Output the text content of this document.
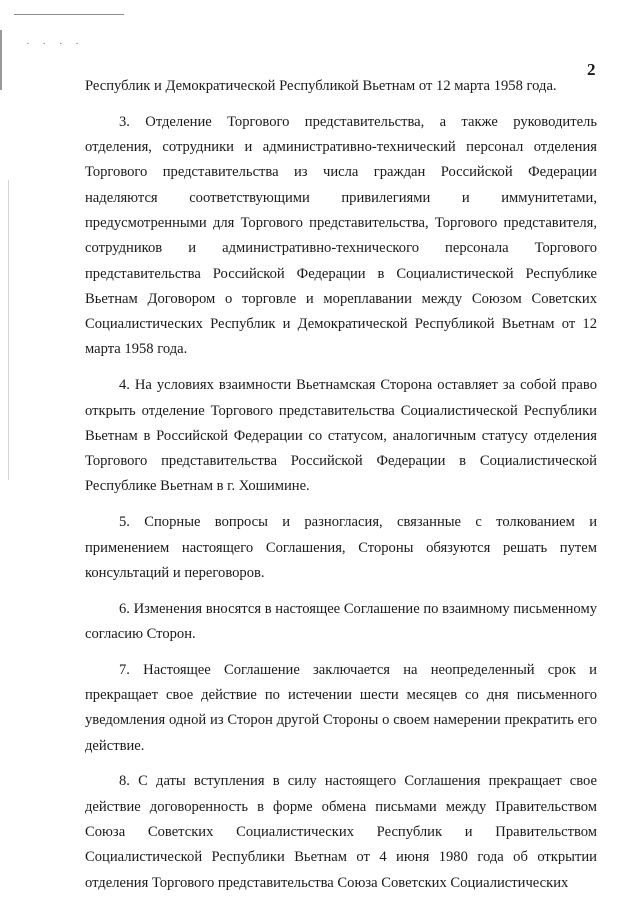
· · · ·
2

Республик и Демократической Республикой Вьетнам от 12 марта 1958 года.

3. Отделение Торгового представительства, а также руководитель отделения, сотрудники и административно-технический персонал отделения Торгового представительства из числа граждан Российской Федерации наделяются соответствующими привилегиями и иммунитетами, предусмотренными для Торгового представительства, Торгового представителя, сотрудников и административно-технического персонала Торгового представительства Российской Федерации в Социалистической Республике Вьетнам Договором о торговле и мореплавании между Союзом Советских Социалистических Республик и Демократической Республикой Вьетнам от 12 марта 1958 года.

4. На условиях взаимности Вьетнамская Сторона оставляет за собой право открыть отделение Торгового представительства Социалистической Республики Вьетнам в Российской Федерации со статусом, аналогичным статусу отделения Торгового представительства Российской Федерации в Социалистической Республике Вьетнам в г. Хошимине.

5. Спорные вопросы и разногласия, связанные с толкованием и применением настоящего Соглашения, Стороны обязуются решать путем консультаций и переговоров.

6. Изменения вносятся в настоящее Соглашение по взаимному письменному согласию Сторон.

7. Настоящее Соглашение заключается на неопределенный срок и прекращает свое действие по истечении шести месяцев со дня письменного уведомления одной из Сторон другой Стороны о своем намерении прекратить его действие.

8. С даты вступления в силу настоящего Соглашения прекращает свое действие договоренность в форме обмена письмами между Правительством Союза Советских Социалистических Республик и Правительством Социалистической Республики Вьетнам от 4 июня 1980 года об открытии отделения Торгового представительства Союза Советских Социалистических
